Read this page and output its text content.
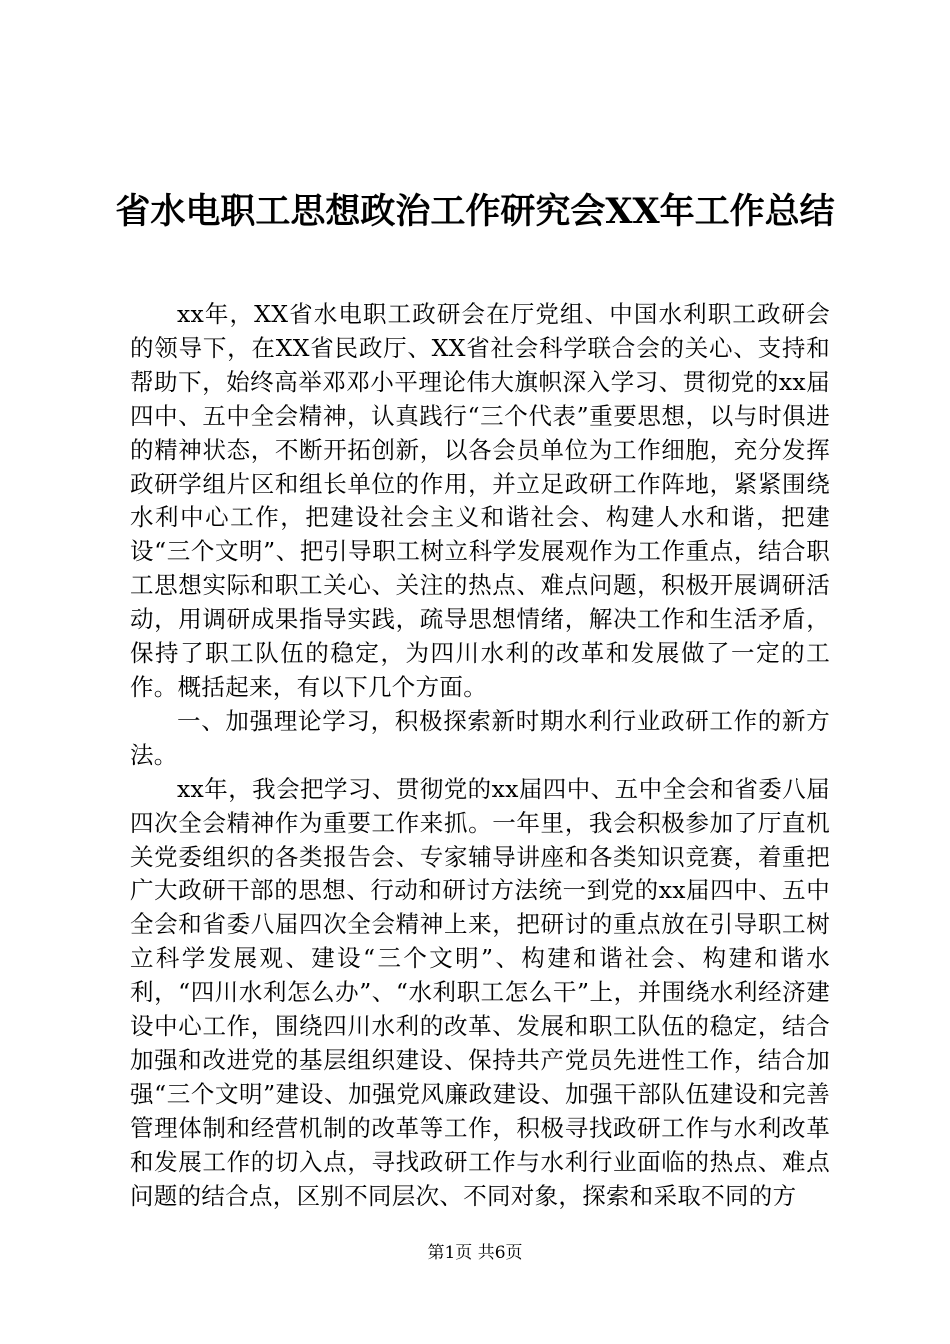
省水电职工思想政治工作研究会XX年工作总结

xx年，XX省水电职工政研会在厅党组、中国水利职工政研会的领导下，在XX省民政厅、XX省社会科学联合会的关心、支持和帮助下，始终高举邓邓小平理论伟大旗帜深入学习、贯彻党的xx届四中、五中全会精神，认真践行“三个代表”重要思想，以与时俱进的精神状态，不断开拓创新，以各会员单位为工作细胞，充分发挥政研学组片区和组长单位的作用，并立足政研工作阵地，紧紧围绕水利中心工作，把建设社会主义和谐社会、构建人水和谐，把建设“三个文明”、把引导职工树立科学发展观作为工作重点，结合职工思想实际和职工关心、关注的热点、难点问题，积极开展调研活动，用调研成果指导实践，疏导思想情绪，解决工作和生活矛盾，保持了职工队伍的稳定，为四川水利的改革和发展做了一定的工作。概括起来，有以下几个方面。

一、加强理论学习，积极探索新时期水利行业政研工作的新方法。

xx年，我会把学习、贯彻党的xx届四中、五中全会和省委八届四次全会精神作为重要工作来抓。一年里，我会积极参加了厅直机关党委组织的各类报告会、专家辅导讲座和各类知识竞赛，着重把广大政研干部的思想、行动和研讨方法统一到党的xx届四中、五中全会和省委八届四次全会精神上来，把研讨的重点放在引导职工树立科学发展观、建设“三个文明”、构建和谐社会、构建和谐水利，“四川水利怎么办”、“水利职工怎么干”上，并围绕水利经济建设中心工作，围绕四川水利的改革、发展和职工队伍的稳定，结合加强和改进党的基层组织建设、保持共产党员先进性工作，结合加强“三个文明”建设、加强党风廉政建设、加强干部队伍建设和完善管理体制和经营机制的改革等工作，积极寻找政研工作与水利改革和发展工作的切入点，寻找政研工作与水利行业面临的热点、难点问题的结合点，区别不同层次、不同对象，探索和采取不同的方

第1页 共6页
